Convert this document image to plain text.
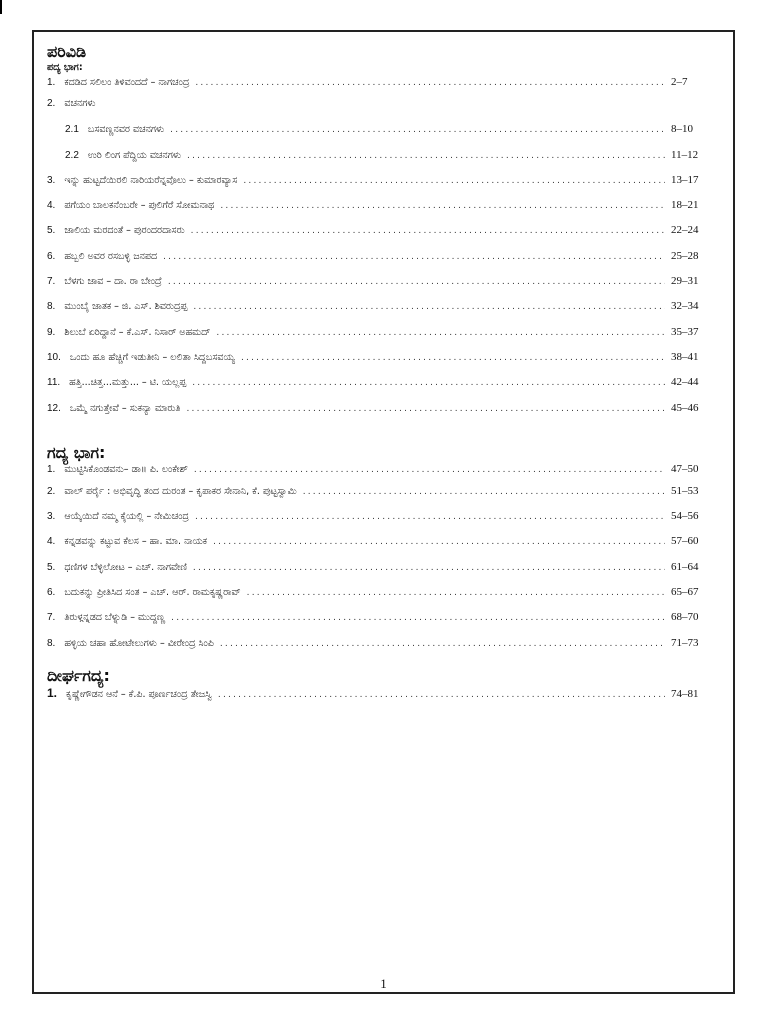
ಪರಿವಿಡಿ
ಪದ್ಯ ಭಾಗ:
1. ಕದಡಿದ ಸಲಿಲಂ ತಿಳಿವಂದದೆ – ನಾಗಚಂದ್ರ .....	2–7
2. ವಚನಗಳು
2.1 ಬಸವಣ್ಣನವರ ವಚನಗಳು .....	8–10
2.2 ಉರಿ ಲಿಂಗ ಪೆದ್ದಿಯ ವಚನಗಳು .....	11–12
3. ಇನ್ನು ಹುಟ್ಟದೆಯಿರಲಿ ನಾರಿಯರೆನ್ನವೊಲು – ಕುಮಾರವ್ಯಾಸ .....	13–17
4. ಪಗೆಯಂ ಬಾಲಕನೆಂಬರೇ – ಪುಲಿಗೆರೆ ಸೋಮನಾಥ .....	18–21
5. ಜಾಲಿಯ ಮರದಂತೆ – ಪುರಂದರದಾಸರು .....	22–24
6. ಹಬ್ಬಲಿ ಅವರ ರಸಬಳ್ಳಿ ಜನಪದ .....	25–28
7. ಬೆಳಗು ಜಾವ – ದಾ. ರಾ ಬೇಂದ್ರೆ .....	29–31
8. ಮುಂಬೈ ಜಾತಕ – ಜಿ. ಎಸ್. ಶಿವರುದ್ರಪ್ಪ .....	32–34
9. ಶಿಲುಬೆ ಏರಿದ್ದಾನೆ – ಕೆ.ಎಸ್. ನಿಸಾರ್ ಅಹಮದ್ .....	35–37
10. ಒಂದು ಹೂ ಹೆಚ್ಚಿಗೆ ಇಡುತೀನಿ – ಲಲಿತಾ ಸಿದ್ದಬಸವಯ್ಯ .....	38–41
11. ಹತ್ತಿ...ಚಿತ್ತ...ಮತ್ತು... – ಟಿ. ಯಲ್ಲಪ್ಪ .....	42–44
12. ಒಮ್ಮೆ ನಗುತ್ತೇವೆ – ಸುಕನ್ಯಾ ಮಾರುತಿ .....	45–46
ಗದ್ಯ ಭಾಗ:
1. ಮುಟ್ಟಿಸಿಕೊಂಡವನು– ಡಾ॥ ಪಿ. ಲಂಕೇಶ್ .....	47–50
2. ವಾಲ್ ಪರ್ರೈ : ಅಭಿವೃದ್ಧಿ ತಂದ ದುರಂತ – ಕೃಪಾಕರ ಸೇನಾನಿ, ಕೆ. ಪುಟ್ಟಸ್ವಾಮಿ .....	51–53
3. ಆಯ್ಕೆಯಿದೆ ನಮ್ಮ ಕೈಯಲ್ಲಿ – ನೇಮಿಚಂದ್ರ .....	54–56
4. ಕನ್ನಡವನ್ನು ಕಟ್ಟುವ ಕೆಲಸ – ಹಾ. ಮಾ. ನಾಯಕ .....	57–60
5. ಧಣಿಗಳ ಬೆಳ್ಳಿಲೋಟ – ಎಚ್. ನಾಗವೇಣಿ .....	61–64
6. ಬದುಕನ್ನು ಪ್ರೀತಿಸಿದ ಸಂತ – ಎಚ್. ಆರ್. ರಾಮಕೃಷ್ಣರಾವ್ .....	65–67
7. ತಿರುಳ್ಗನ್ನಡದ ಬೆಳ್ನುಡಿ – ಮುದ್ದಣ್ಣ .....	68–70
8. ಹಳ್ಳಿಯ ಚಹಾ ಹೋಟೇಲುಗಳು – ವೀರೇಂದ್ರ ಸಿಂಪಿ .....	71–73
ದೀರ್ಘಗದ್ಯ:
1. ಕೃಷ್ಣೇಗೌಡನ ಆನೆ – ಕೆ.ಪಿ. ಪೂರ್ಣಚಂದ್ರ ತೇಜಸ್ವಿ .....	74–81
1
